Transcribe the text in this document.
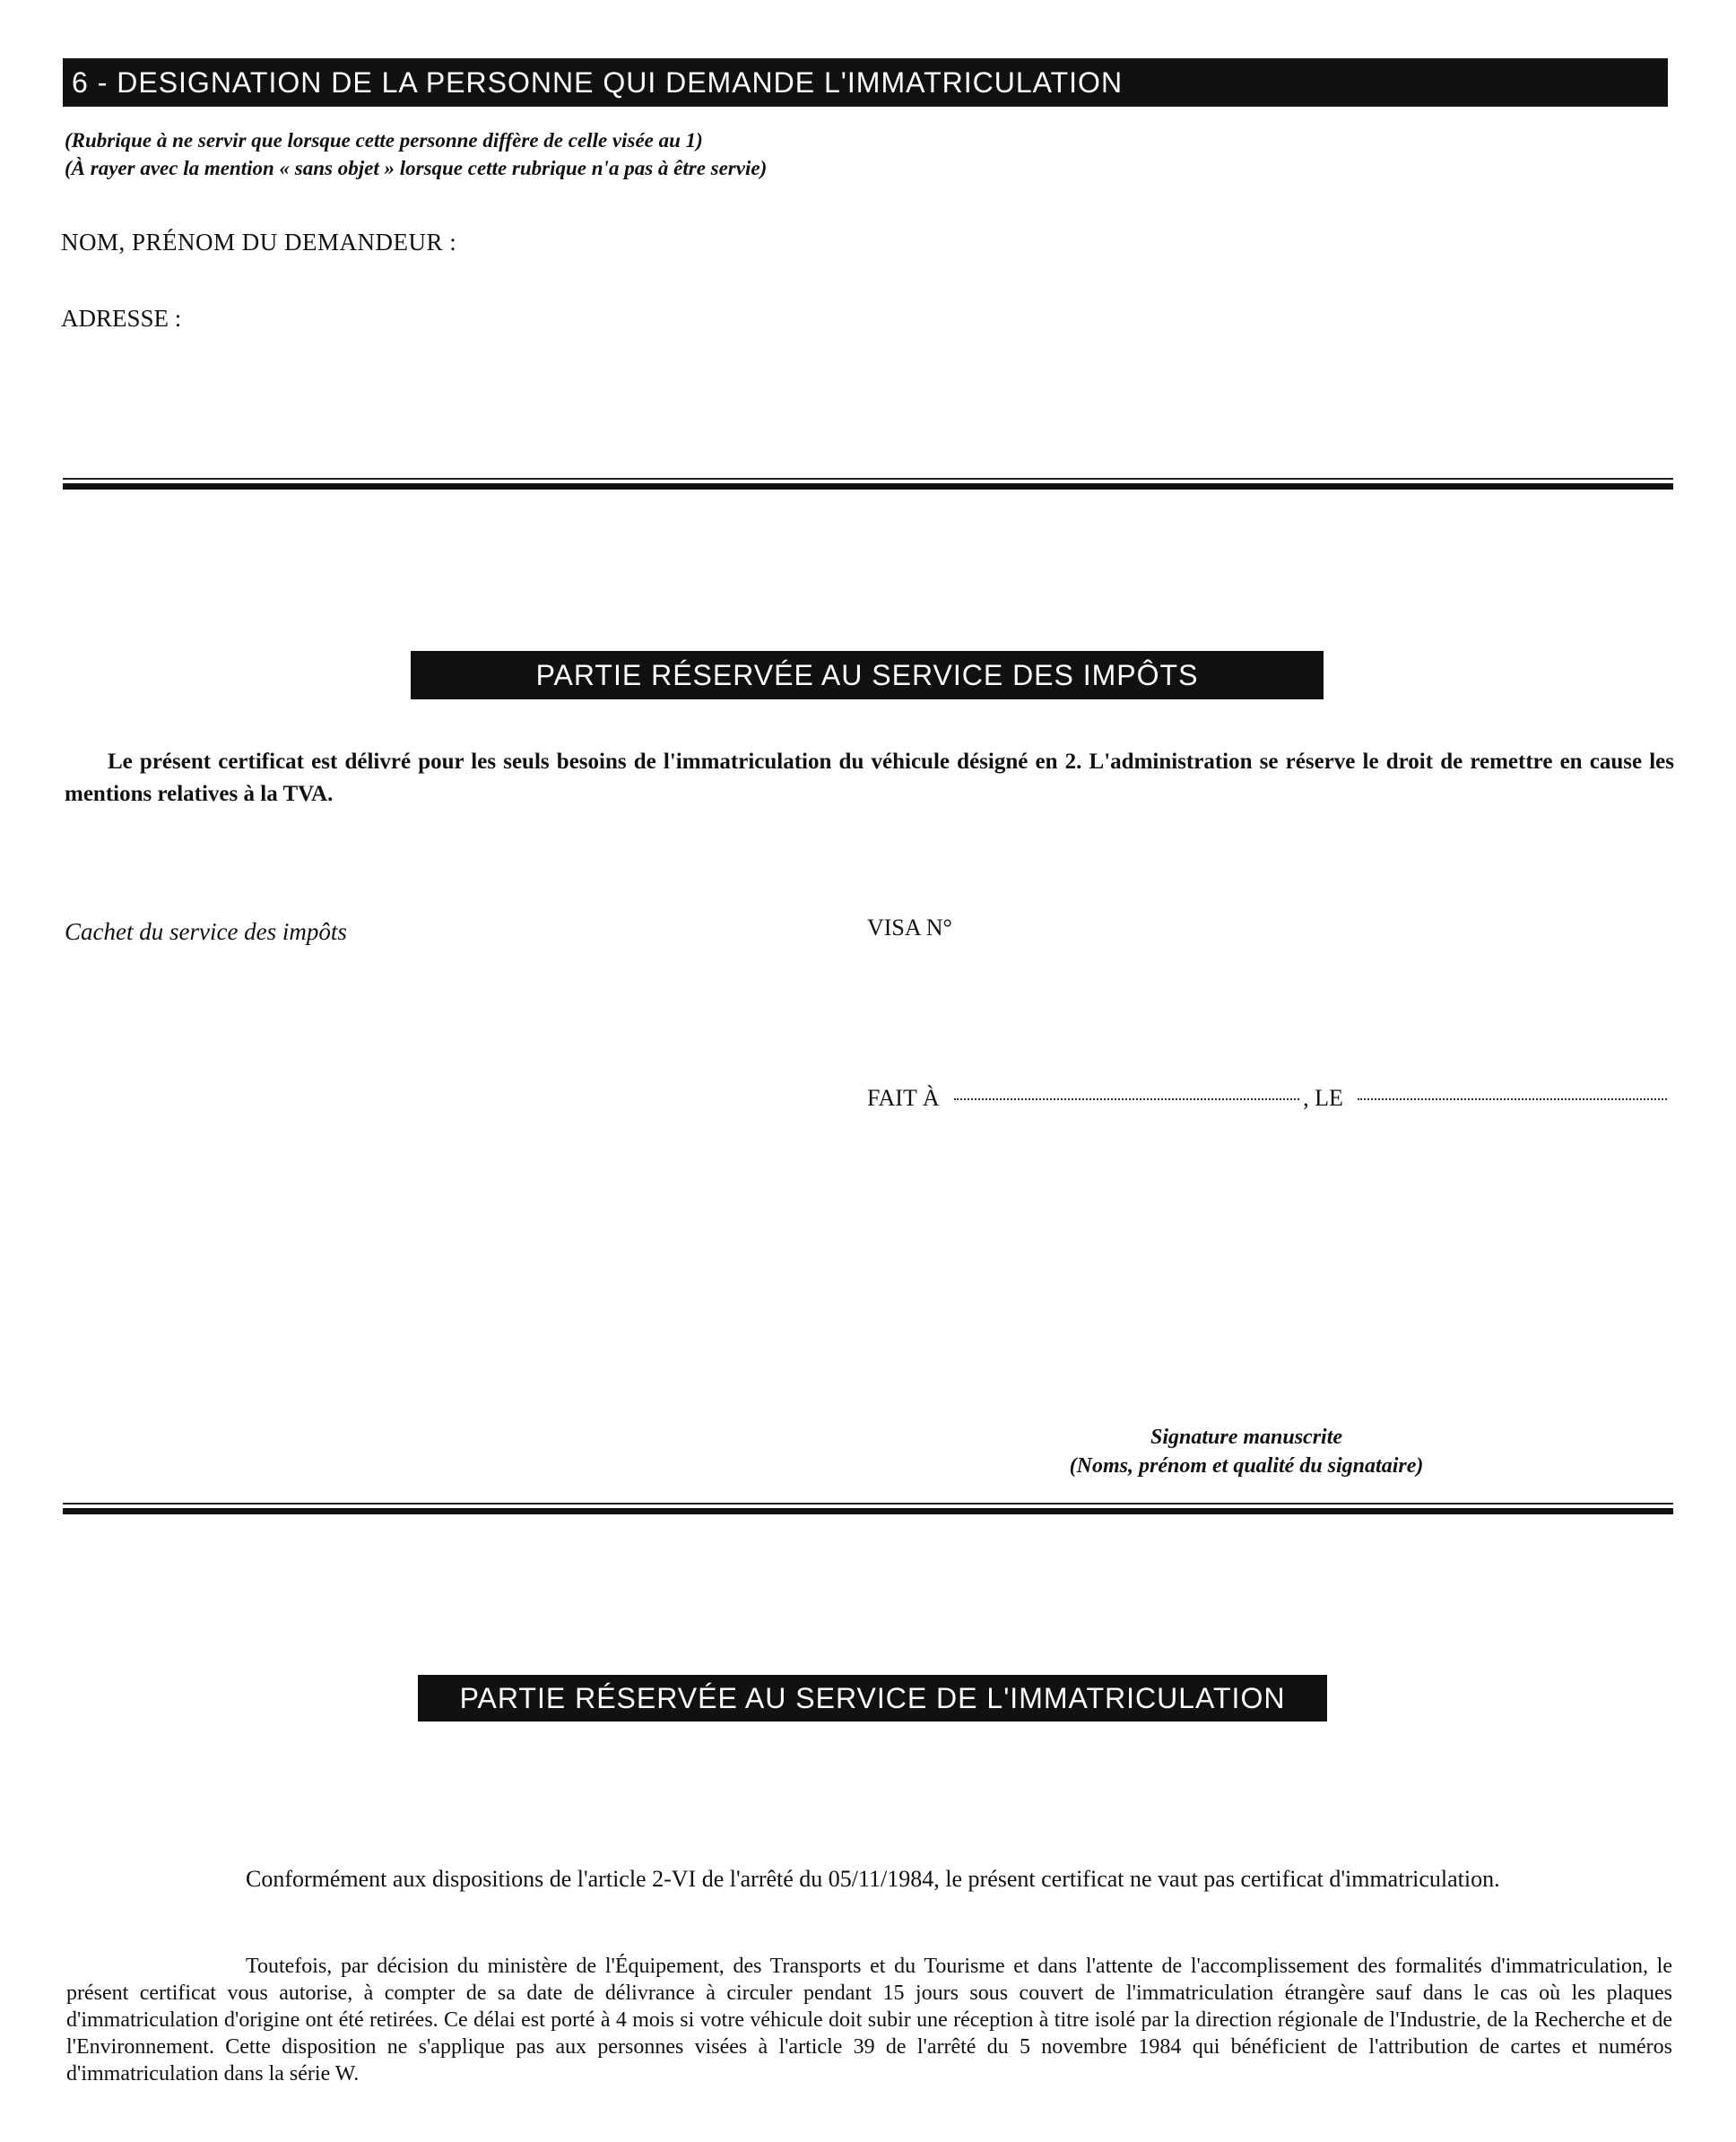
6 - DESIGNATION DE LA PERSONNE QUI DEMANDE L'IMMATRICULATION
(Rubrique à ne servir que lorsque cette personne diffère de celle visée au 1)
(À rayer avec la mention « sans objet » lorsque cette rubrique n'a pas à être servie)
NOM, PRÉNOM DU DEMANDEUR :
ADRESSE :
PARTIE RÉSERVÉE AU SERVICE DES IMPÔTS
Le présent certificat est délivré pour les seuls besoins de l'immatriculation du véhicule désigné en 2. L'administration se réserve le droit de remettre en cause les mentions relatives à la TVA.
Cachet du service des impôts	VISA N°
FAIT À	, LE
Signature manuscrite
(Noms, prénom et qualité du signataire)
PARTIE RÉSERVÉE AU SERVICE DE L'IMMATRICULATION
Conformément aux dispositions de l'article 2-VI de l'arrêté du 05/11/1984, le présent certificat ne vaut pas certificat d'immatriculation.
Toutefois, par décision du ministère de l'Équipement, des Transports et du Tourisme et dans l'attente de l'accomplissement des formalités d'immatriculation, le présent certificat vous autorise, à compter de sa date de délivrance à circuler pendant 15 jours sous couvert de l'immatriculation étrangère sauf dans le cas où les plaques d'immatriculation d'origine ont été retirées. Ce délai est porté à 4 mois si votre véhicule doit subir une réception à titre isolé par la direction régionale de l'Industrie, de la Recherche et de l'Environnement. Cette disposition ne s'applique pas aux personnes visées à l'article 39 de l'arrêté du 5 novembre 1984 qui bénéficient de l'attribution de cartes et numéros d'immatriculation dans la série W.
